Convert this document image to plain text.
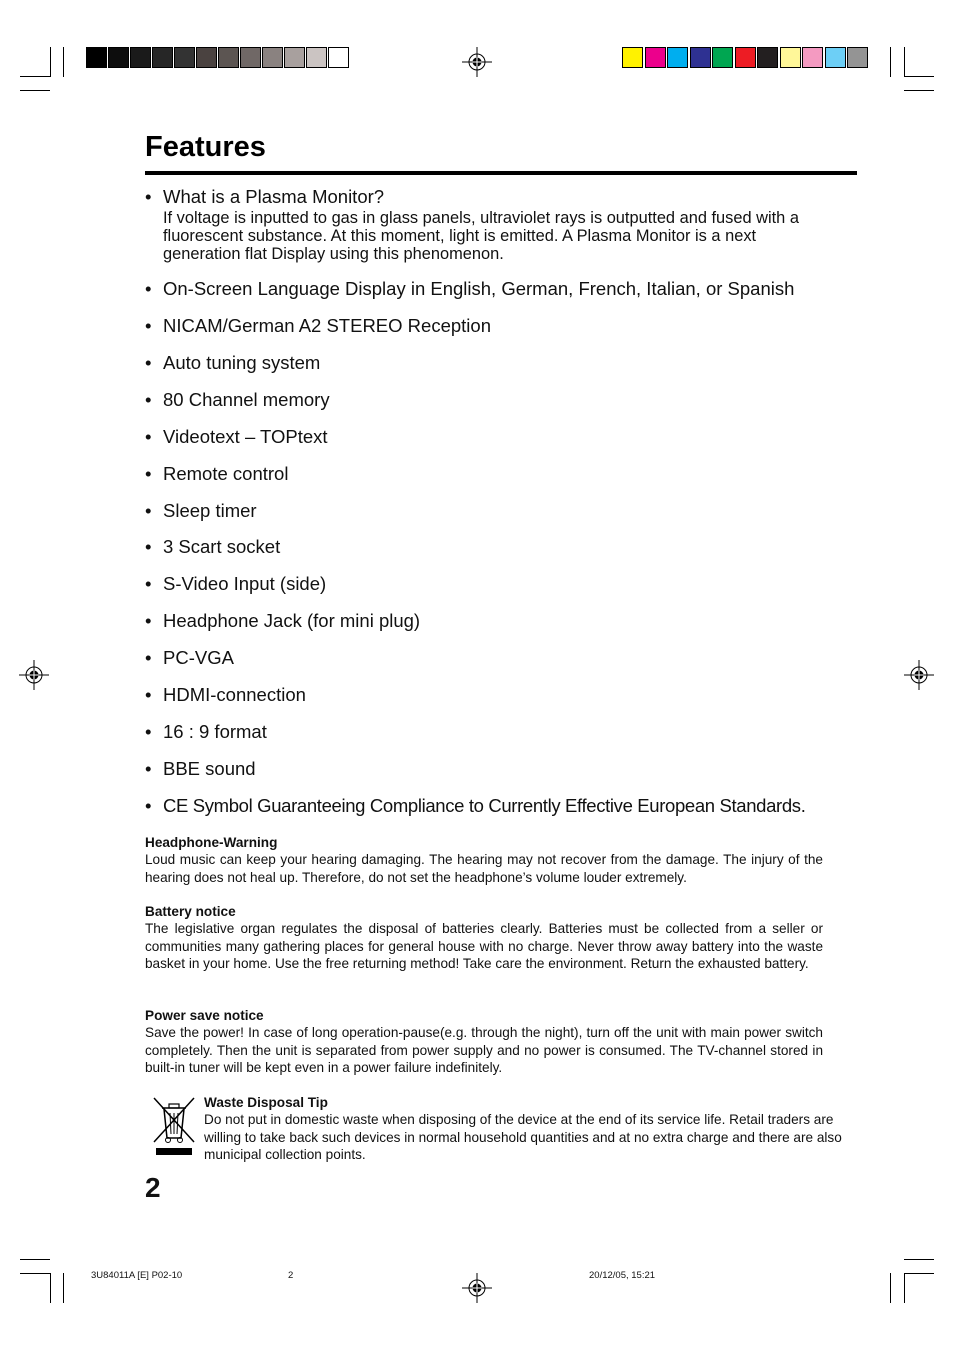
Features
• What is a Plasma Monitor?
If voltage is inputted to gas in glass panels, ultraviolet rays is outputted and fused with a fluorescent substance. At this moment, light is emitted. A Plasma Monitor is a next generation flat Display using this phenomenon.
• On-Screen Language Display in English, German, French, Italian, or Spanish
• NICAM/German A2 STEREO Reception
• Auto tuning system
• 80 Channel memory
• Videotext – TOPtext
• Remote control
• Sleep timer
• 3 Scart socket
• S-Video Input (side)
• Headphone Jack (for mini plug)
• PC-VGA
• HDMI-connection
• 16 : 9 format
• BBE sound
• CE Symbol Guaranteeing Compliance to Currently Effective European Standards.
Headphone-Warning
Loud music can keep your hearing damaging. The hearing may not recover from the damage. The injury of the hearing does not heal up. Therefore, do not set the headphone’s volume louder extremely.
Battery notice
The legislative organ regulates the disposal of batteries clearly. Batteries must be collected from a seller or communities many gathering places for general house with no charge. Never throw away battery into the waste basket in your home. Use the free returning method! Take care the environment. Return the exhausted battery.
Power save notice
Save the power! In case of long operation-pause(e.g. through the night), turn off the unit with main power switch completely. Then the unit is separated from power supply and no power is consumed. The TV-channel stored in built-in tuner will be kept even in a power failure indefinitely.
Waste Disposal Tip
Do not put in domestic waste when disposing of the device at the end of its service life. Retail traders are willing to take back such devices in normal household quantities and at no extra charge and there are also municipal collection points.
2
3U84011A [E] P02-10	2	20/12/05, 15:21
